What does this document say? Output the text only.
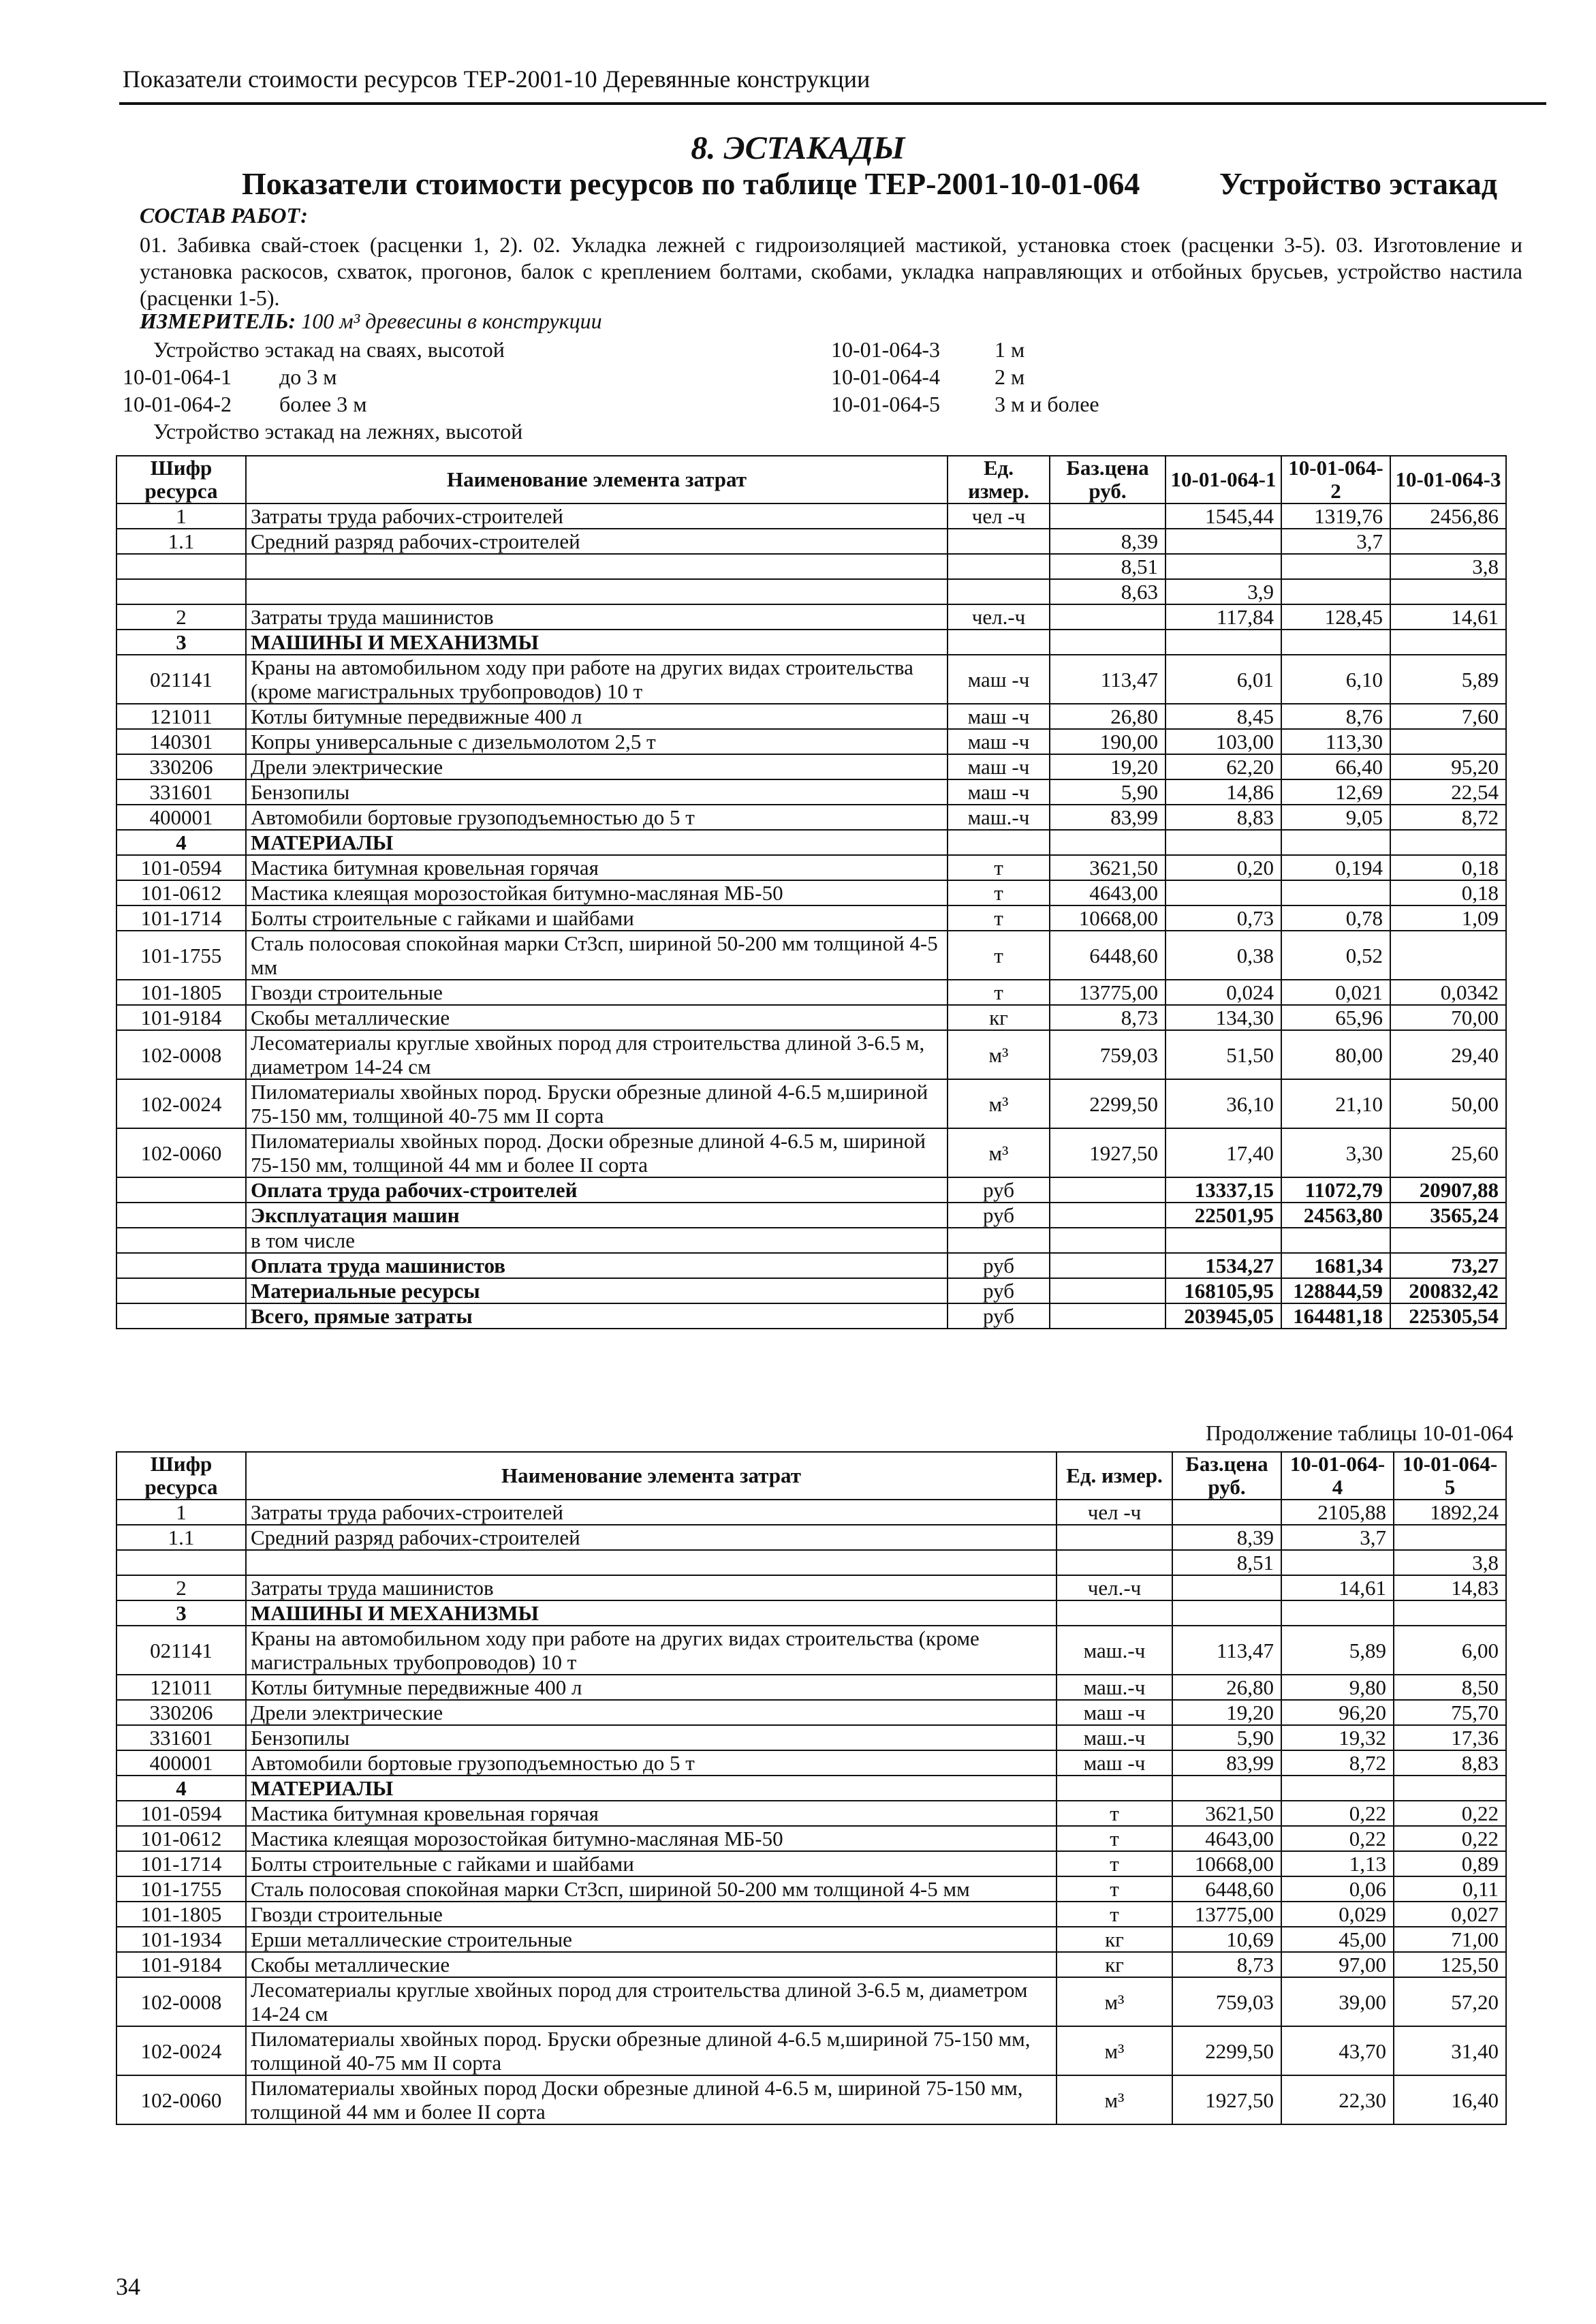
Показатели стоимости ресурсов ТЕР-2001-10 Деревянные конструкции
8. ЭСТАКАДЫ
Показатели стоимости ресурсов по таблице ТЕР-2001-10-01-064	Устройство эстакад
СОСТАВ РАБОТ:
01. Забивка свай-стоек (расценки 1, 2). 02. Укладка лежней с гидроизоляцией мастикой, установка стоек (расценки 3-5). 03. Изготовление и установка раскосов, схваток, прогонов, балок с креплением болтами, скобами, укладка направляющих и отбойных брусьев, устройство настила (расценки 1-5).
ИЗМЕРИТЕЛЬ: 100 м³ древесины в конструкции
Устройство эстакад на сваях, высотой
10-01-064-1 до 3 м
10-01-064-2 более 3 м
Устройство эстакад на лежнях, высотой
10-01-064-3	1 м
10-01-064-4	2 м
10-01-064-5	3 м и более
Шифр ресурса	Наименование элемента затрат	Ед. измер.	Баз.цена руб.	10-01-064-1	10-01-064-2	10-01-064-3
1	Затраты труда рабочих-строителей	чел -ч		1545,44	1319,76	2456,86
1.1	Средний разряд рабочих-строителей		8,39		3,7	
			8,51			3,8
			8,63	3,9		
2	Затраты труда машинистов	чел.-ч		117,84	128,45	14,61
3	МАШИНЫ И МЕХАНИЗМЫ					
021141	Краны на автомобильном ходу при работе на других видах строительства (кроме магистральных трубопроводов) 10 т	маш -ч	113,47	6,01	6,10	5,89
121011	Котлы битумные передвижные 400 л	маш -ч	26,80	8,45	8,76	7,60
140301	Копры универсальные с дизельмолотом 2,5 т	маш -ч	190,00	103,00	113,30	
330206	Дрели электрические	маш -ч	19,20	62,20	66,40	95,20
331601	Бензопилы	маш -ч	5,90	14,86	12,69	22,54
400001	Автомобили бортовые грузоподъемностью до 5 т	маш.-ч	83,99	8,83	9,05	8,72
4	МАТЕРИАЛЫ					
101-0594	Мастика битумная кровельная горячая	т	3621,50	0,20	0,194	0,18
101-0612	Мастика клеящая морозостойкая битумно-масляная МБ-50	т	4643,00			0,18
101-1714	Болты строительные с гайками и шайбами	т	10668,00	0,73	0,78	1,09
101-1755	Сталь полосовая спокойная марки Ст3сп, шириной 50-200 мм толщиной 4-5 мм	т	6448,60	0,38	0,52	
101-1805	Гвозди строительные	т	13775,00	0,024	0,021	0,0342
101-9184	Скобы металлические	кг	8,73	134,30	65,96	70,00
102-0008	Лесоматериалы круглые хвойных пород для строительства длиной 3-6.5 м, диаметром 14-24 см	м³	759,03	51,50	80,00	29,40
102-0024	Пиломатериалы хвойных пород. Бруски обрезные длиной 4-6.5 м,шириной 75-150 мм, толщиной 40-75 мм II сорта	м³	2299,50	36,10	21,10	50,00
102-0060	Пиломатериалы хвойных пород. Доски обрезные длиной 4-6.5 м, шириной 75-150 мм, толщиной 44 мм и более II сорта	м³	1927,50	17,40	3,30	25,60
	Оплата труда рабочих-строителей	руб		13337,15	11072,79	20907,88
	Эксплуатация машин	руб		22501,95	24563,80	3565,24
	в том числе					
	Оплата труда машинистов	руб		1534,27	1681,34	73,27
	Материальные ресурсы	руб		168105,95	128844,59	200832,42
	Всего, прямые затраты	руб		203945,05	164481,18	225305,54
Продолжение таблицы 10-01-064
Шифр ресурса	Наименование элемента затрат	Ед. измер.	Баз.цена руб.	10-01-064-4	10-01-064-5
1	Затраты труда рабочих-строителей	чел -ч		2105,88	1892,24
1.1	Средний разряд рабочих-строителей		8,39	3,7	
			8,51		3,8
2	Затраты труда машинистов	чел.-ч		14,61	14,83
3	МАШИНЫ И МЕХАНИЗМЫ				
021141	Краны на автомобильном ходу при работе на других видах строительства (кроме магистральных трубопроводов) 10 т	маш.-ч	113,47	5,89	6,00
121011	Котлы битумные передвижные 400 л	маш.-ч	26,80	9,80	8,50
330206	Дрели электрические	маш -ч	19,20	96,20	75,70
331601	Бензопилы	маш.-ч	5,90	19,32	17,36
400001	Автомобили бортовые грузоподъемностью до 5 т	маш -ч	83,99	8,72	8,83
4	МАТЕРИАЛЫ				
101-0594	Мастика битумная кровельная горячая	т	3621,50	0,22	0,22
101-0612	Мастика клеящая морозостойкая битумно-масляная МБ-50	т	4643,00	0,22	0,22
101-1714	Болты строительные с гайками и шайбами	т	10668,00	1,13	0,89
101-1755	Сталь полосовая спокойная марки Ст3сп, шириной 50-200 мм толщиной 4-5 мм	т	6448,60	0,06	0,11
101-1805	Гвозди строительные	т	13775,00	0,029	0,027
101-1934	Ерши металлические строительные	кг	10,69	45,00	71,00
101-9184	Скобы металлические	кг	8,73	97,00	125,50
102-0008	Лесоматериалы круглые хвойных пород для строительства длиной 3-6.5 м, диаметром 14-24 см	м³	759,03	39,00	57,20
102-0024	Пиломатериалы хвойных пород. Бруски обрезные длиной 4-6.5 м,шириной 75-150 мм, толщиной 40-75 мм II сорта	м³	2299,50	43,70	31,40
102-0060	Пиломатериалы хвойных пород Доски обрезные длиной 4-6.5 м, шириной 75-150 мм, толщиной 44 мм и более II сорта	м³	1927,50	22,30	16,40
34
